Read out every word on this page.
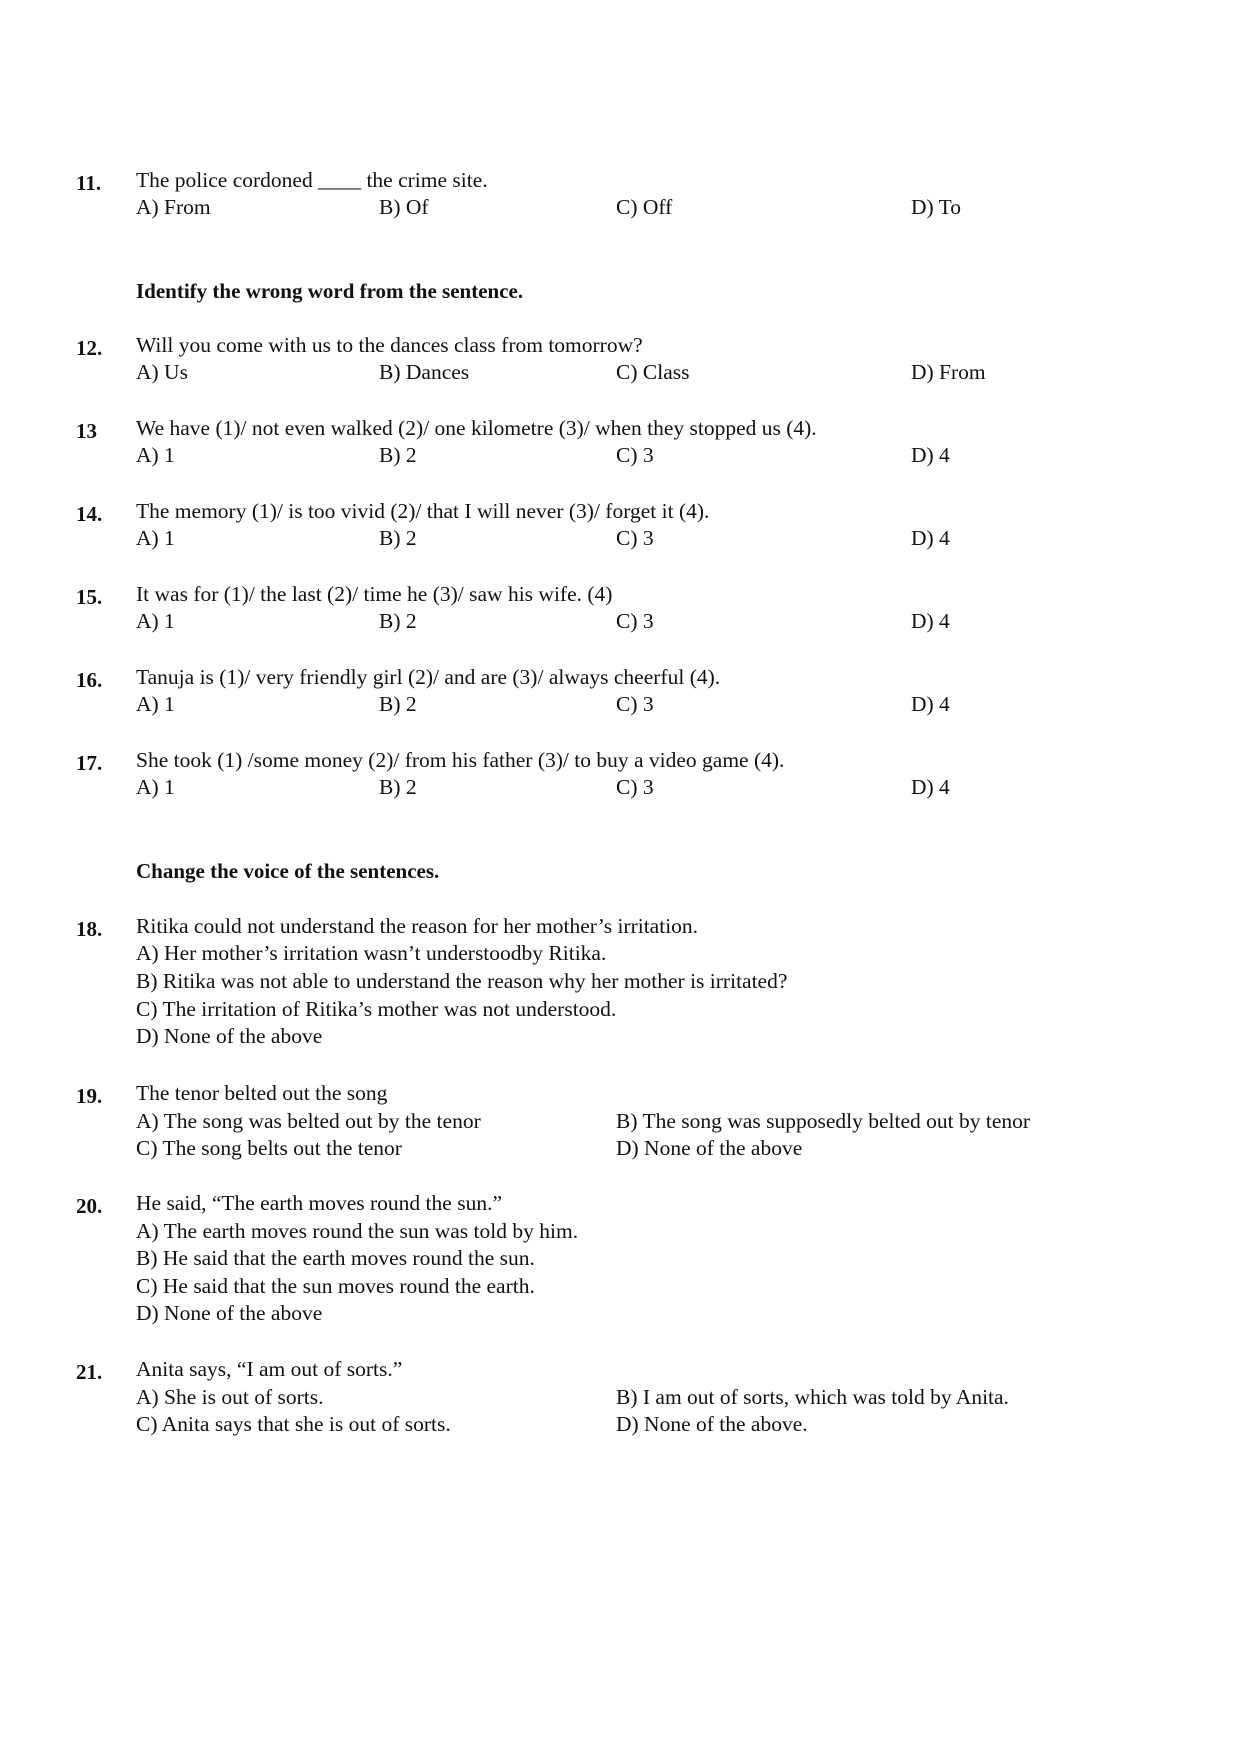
11. The police cordoned ____ the crime site.
A) From	B) Of	C) Off	D) To
Identify the wrong word from the sentence.
12. Will you come with us to the dances class from tomorrow?
A) Us	B) Dances	C) Class	D) From
13 We have (1)/ not even walked (2)/ one kilometre (3)/ when they stopped us (4).
A) 1	B) 2	C) 3	D) 4
14. The memory (1)/ is too vivid (2)/ that I will never (3)/ forget it (4).
A) 1	B) 2	C) 3	D) 4
15. It was for (1)/ the last (2)/ time he (3)/ saw his wife. (4)
A) 1	B) 2	C) 3	D) 4
16. Tanuja is (1)/ very friendly girl (2)/ and are (3)/ always cheerful (4).
A) 1	B) 2	C) 3	D) 4
17. She took (1) /some money (2)/ from his father (3)/ to buy a video game (4).
A) 1	B) 2	C) 3	D) 4
Change the voice of the sentences.
18. Ritika could not understand the reason for her mother’s irritation.
A) Her mother’s irritation wasn’t understoodby Ritika.
B) Ritika was not able to understand the reason why her mother is irritated?
C) The irritation of Ritika’s mother was not understood.
D) None of the above
19. The tenor belted out the song
A) The song was belted out by the tenor	B) The song was supposedly belted out by tenor
C) The song belts out the tenor	D) None of the above
20. He said, “The earth moves round the sun.”
A) The earth moves round the sun was told by him.
B) He said that the earth moves round the sun.
C) He said that the sun moves round the earth.
D) None of the above
21. Anita says, “I am out of sorts.”
A) She is out of sorts.	B) I am out of sorts, which was told by Anita.
C) Anita says that she is out of sorts.	D) None of the above.
